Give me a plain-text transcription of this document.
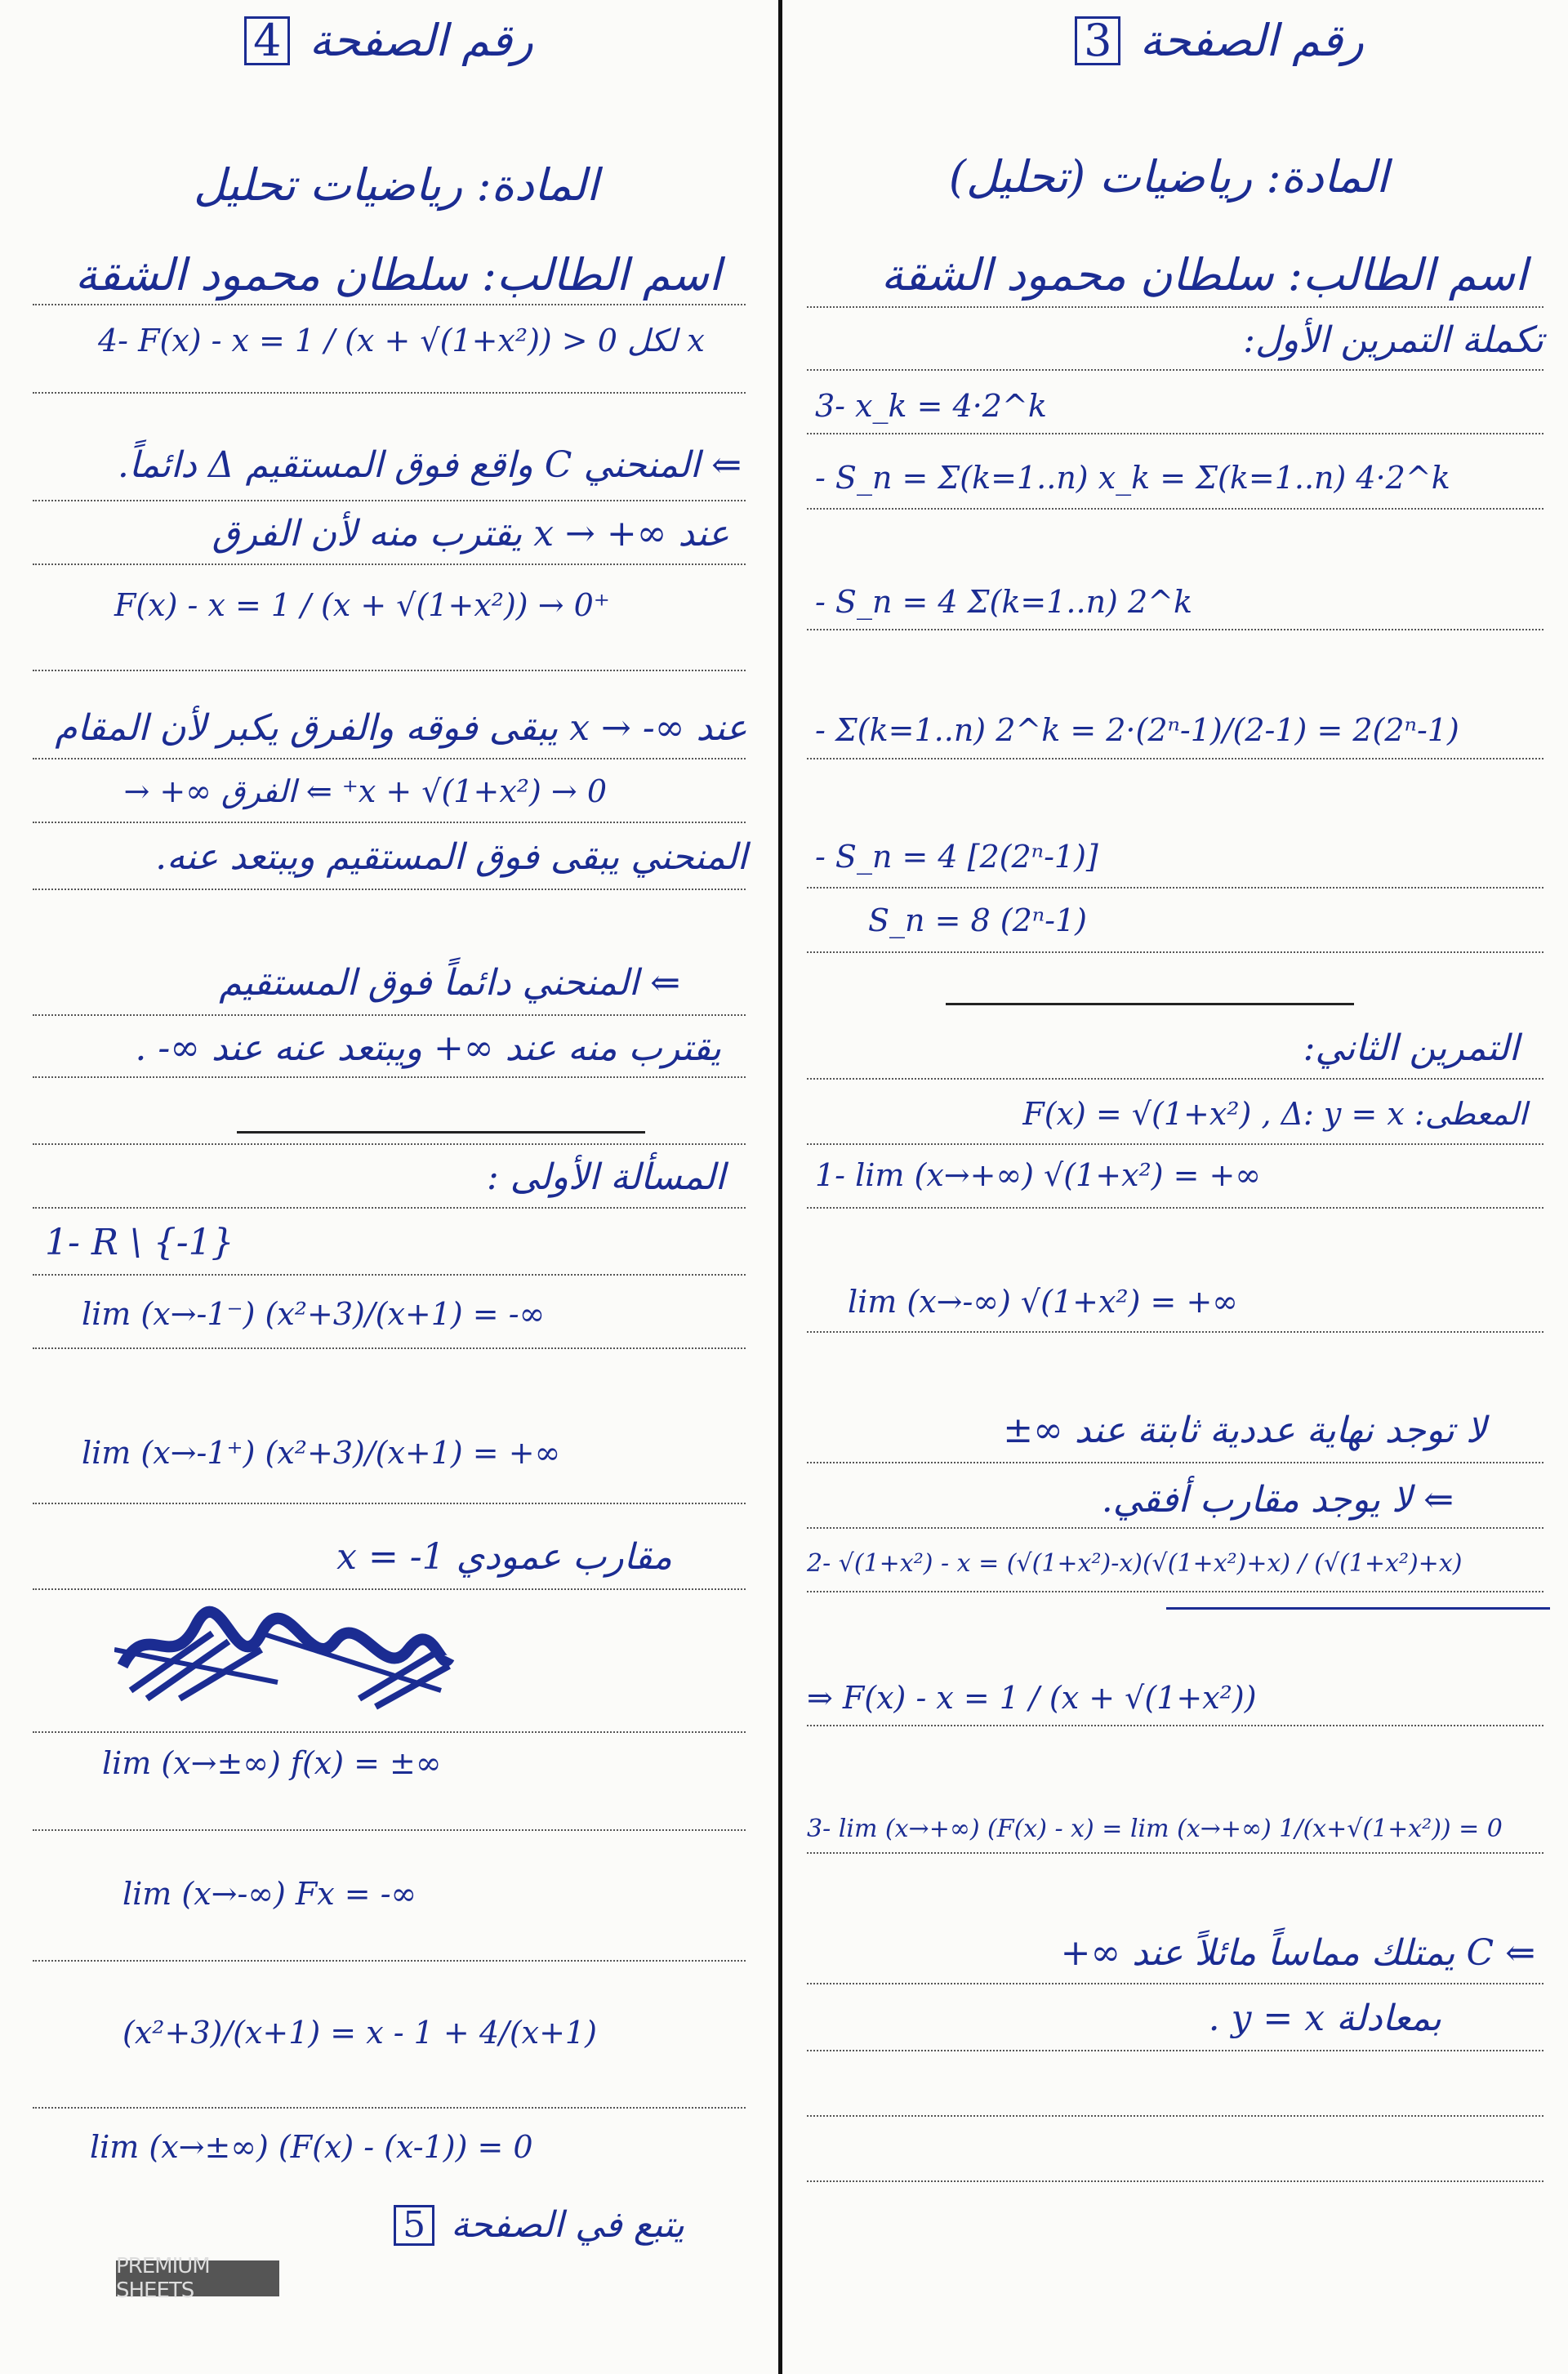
رقم الصفحة 4
المادة: رياضيات تحليل
اسم الطالب: سلطان محمود الشقة
4- F(x) - x = 1 / (x + √(1+x²)) > 0 لكل x
⇐ المنحني C واقع فوق المستقيم Δ دائماً.
عند ∞+ → x يقترب منه لأن الفرق
F(x) - x = 1 / (x + √(1+x²)) → 0⁺
عند ∞- → x يبقى فوقه والفرق يكبر لأن المقام
x + √(1+x²) → 0⁺ ⇐ الفرق ∞+ →
المنحني يبقى فوق المستقيم ويبتعد عنه.
⇐ المنحني دائماً فوق المستقيم
يقترب منه عند ∞+ ويبتعد عنه عند ∞- .
المسألة الأولى :
1- R \ {-1}
lim (x→-1⁻) (x²+3)/(x+1) = -∞
lim (x→-1⁺) (x²+3)/(x+1) = +∞
مقارب عمودي x = -1
lim (x→±∞) f(x) = ±∞
lim (x→-∞) Fx = -∞
(x²+3)/(x+1) = x - 1 + 4/(x+1)
lim (x→±∞) (F(x) - (x-1)) = 0
يتبع في الصفحة 5
PREMIUM SHEETS
رقم الصفحة 3
المادة: رياضيات (تحليل)
اسم الطالب: سلطان محمود الشقة
تكملة التمرين الأول:
3- x_k = 4·2^k
- S_n = Σ(k=1..n) x_k = Σ(k=1..n) 4·2^k
- S_n = 4 Σ(k=1..n) 2^k
- Σ(k=1..n) 2^k = 2·(2ⁿ-1)/(2-1) = 2(2ⁿ-1)
- S_n = 4 [2(2ⁿ-1)]
S_n = 8 (2ⁿ-1)
التمرين الثاني:
المعطى: F(x) = √(1+x²) , Δ: y = x
1- lim (x→+∞) √(1+x²) = +∞
lim (x→-∞) √(1+x²) = +∞
لا توجد نهاية عددية ثابتة عند ∞±
⇐ لا يوجد مقارب أفقي.
2- √(1+x²) - x = (√(1+x²)-x)(√(1+x²)+x) / (√(1+x²)+x)
⇒ F(x) - x = 1 / (x + √(1+x²))
3- lim (x→+∞) (F(x) - x) = lim (x→+∞) 1/(x+√(1+x²)) = 0
⇐ C يمتلك مماساً مائلاً عند ∞+
بمعادلة y = x .
